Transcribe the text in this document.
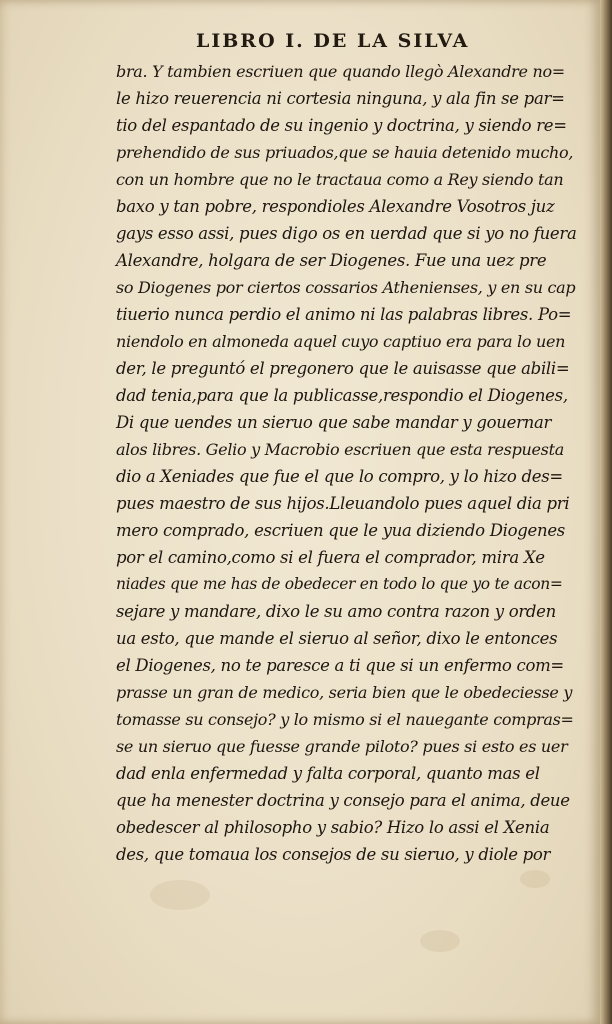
LIBRO I. DE LA SILVA
bra. Y tambien escriuen que quando llegò Alexandre no=
le hizo reuerencia ni cortesia ninguna, y ala fin se par=
tio del espantado de su ingenio y doctrina, y siendo re=
prehendido de sus priuados,que se hauia detenido mucho,
con un hombre que no le tractaua como a Rey siendo tan
baxo y tan pobre, respondioles Alexandre Vosotros juz
gays esso assi, pues digo os en uerdad que si yo no fuera
Alexandre, holgara de ser Diogenes. Fue una uez pre
so Diogenes por ciertos cossarios Athenienses, y en su cap
tiuerio nunca perdio el animo ni las palabras libres. Po=
niendolo en almoneda aquel cuyo captiuo era para lo uen
der, le preguntó el pregonero que le auisasse que abili=
dad tenia,para que la publicasse,respondio el Diogenes,
Di que uendes un sieruo que sabe mandar y gouernar
alos libres. Gelio y Macrobio escriuen que esta respuesta
dio a Xeniades que fue el que lo compro, y lo hizo des=
pues maestro de sus hijos.Lleuandolo pues aquel dia pri
mero comprado, escriuen que le yua diziendo Diogenes
por el camino,como si el fuera el comprador, mira Xe
niades que me has de obedecer en todo lo que yo te acon=
sejare y mandare, dixo le su amo contra razon y orden
ua esto, que mande el sieruo al señor, dixo le entonces
el Diogenes, no te paresce a ti que si un enfermo com=
prasse un gran de medico, seria bien que le obedeciesse y
tomasse su consejo? y lo mismo si el nauegante compras=
se un sieruo que fuesse grande piloto? pues si esto es uer
dad enla enfermedad y falta corporal, quanto mas el
que ha menester doctrina y consejo para el anima, deue
obedescer al philosopho y sabio? Hizo lo assi el Xenia
des, que tomaua los consejos de su sieruo, y diole por
